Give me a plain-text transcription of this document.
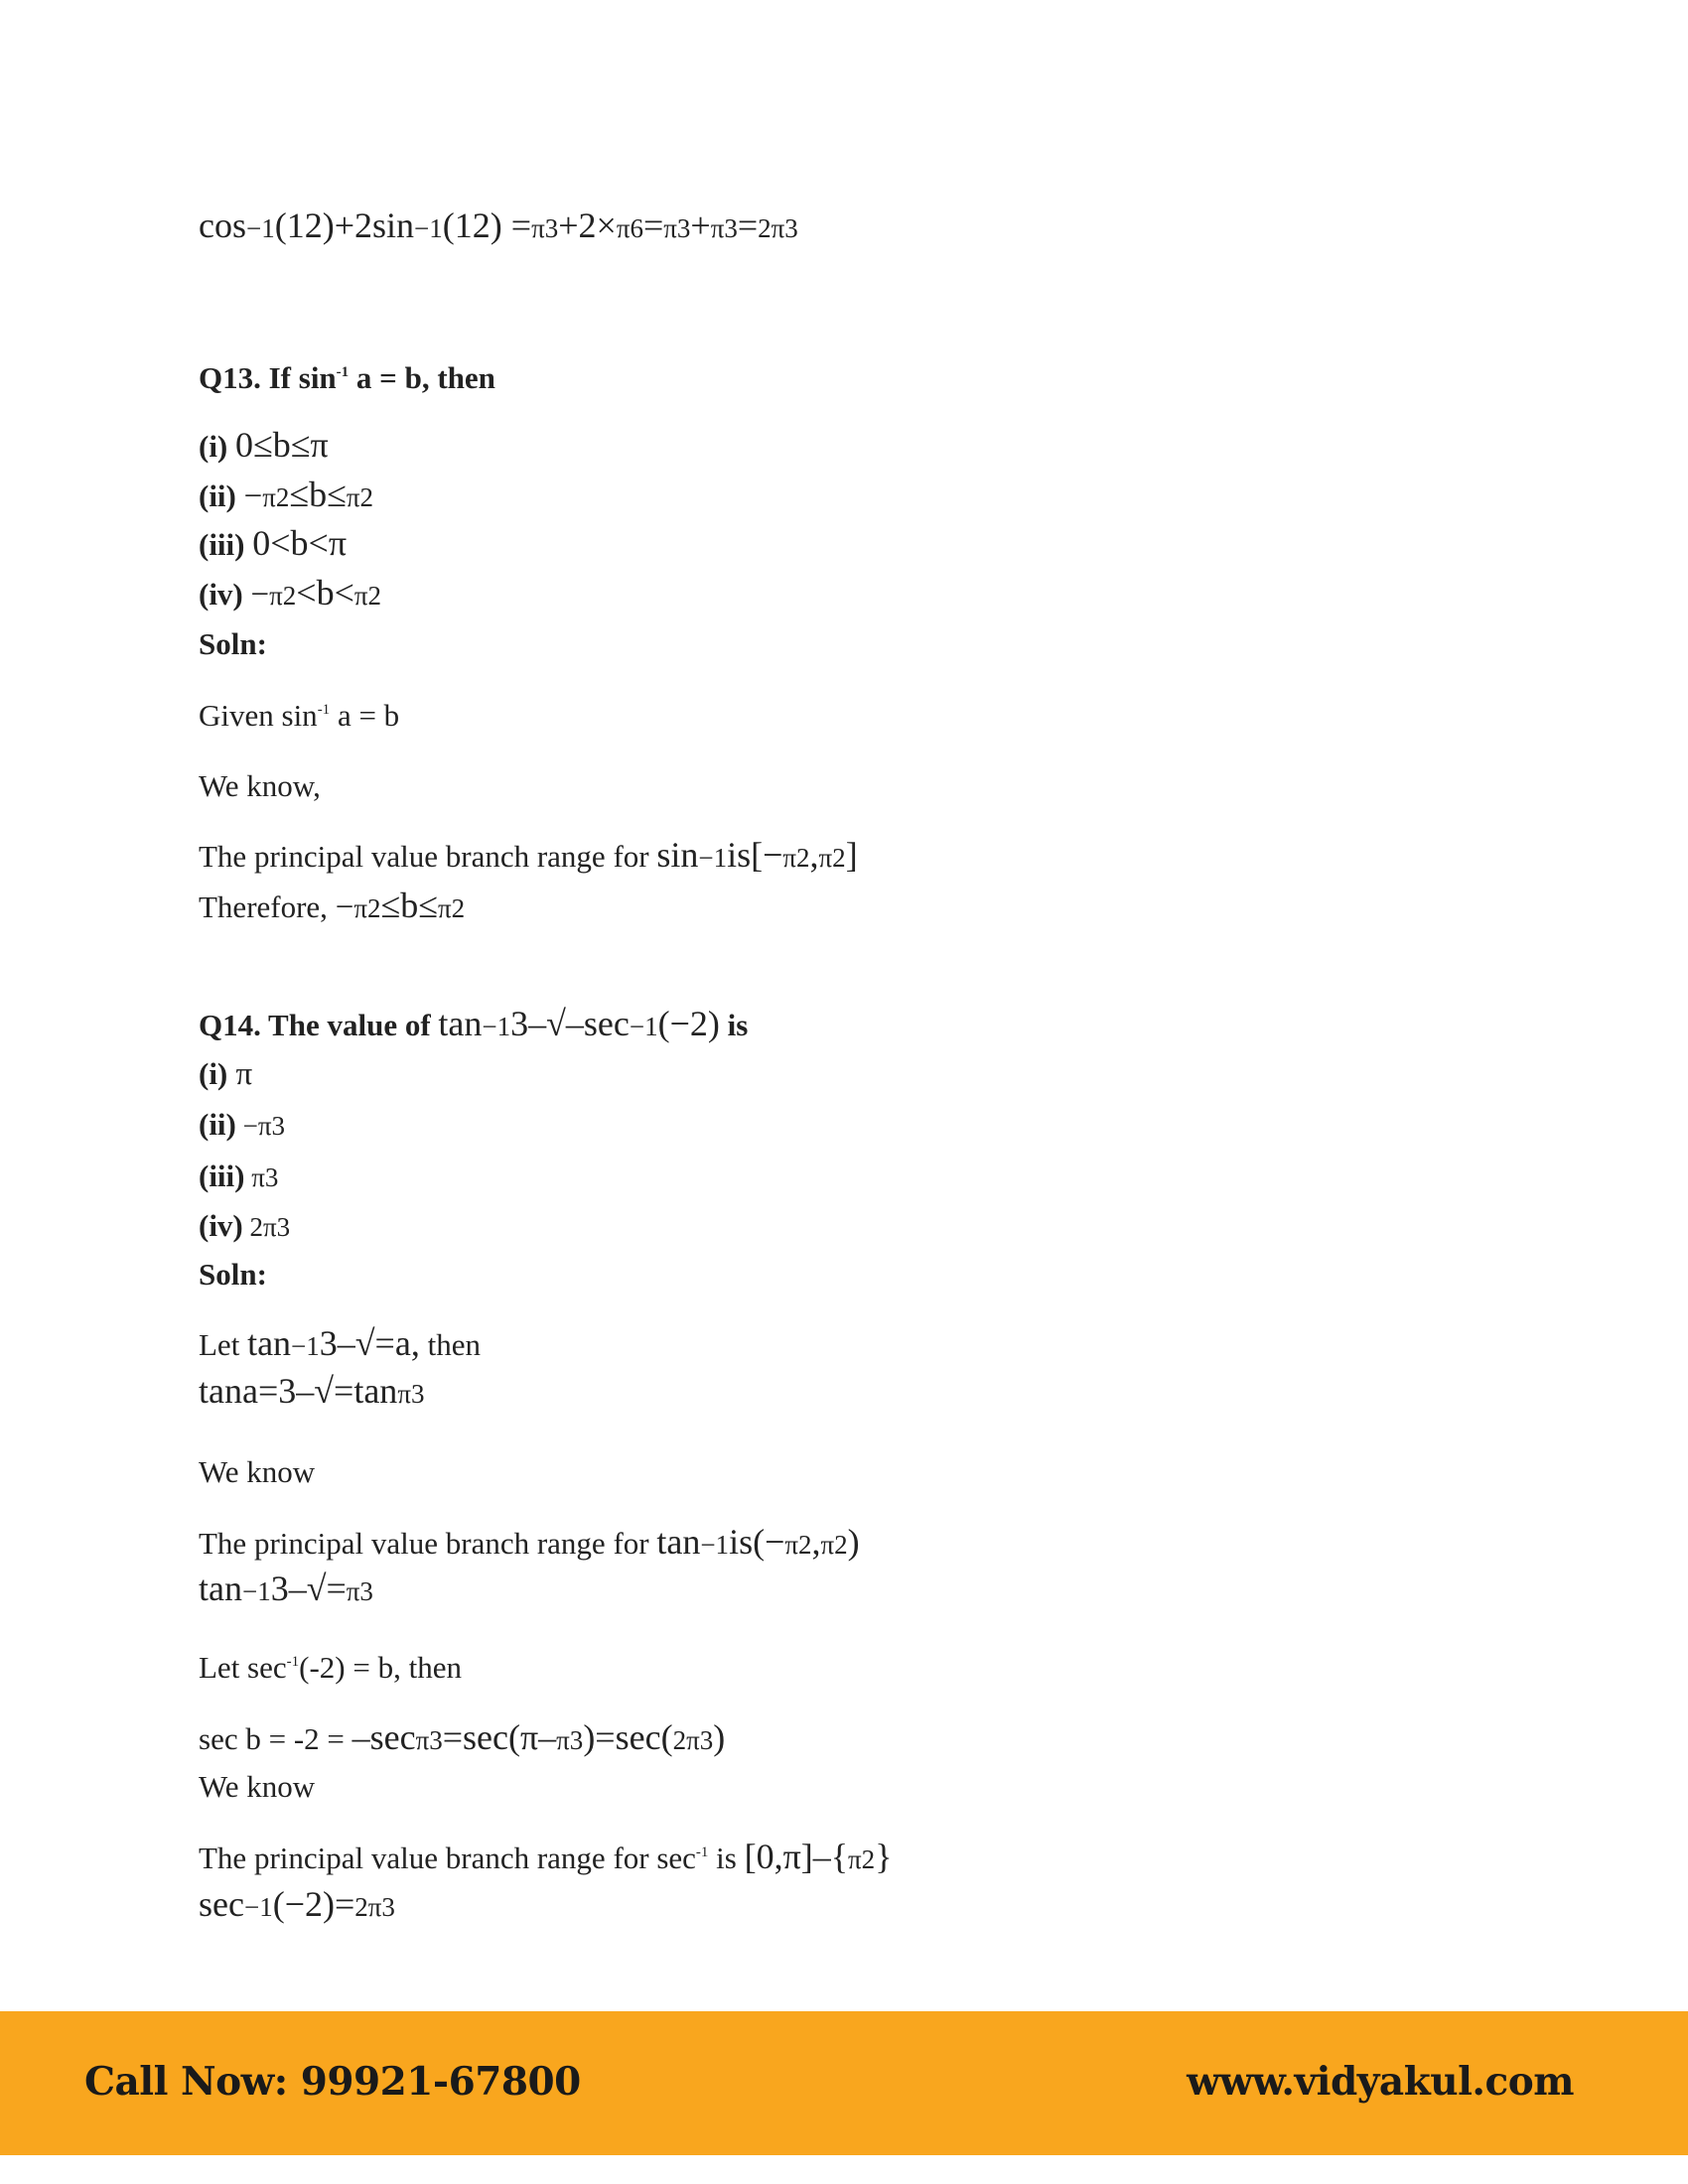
cos−1(12)+2sin−1(12) =π3+2×π6=π3+π3=2π3
Q13. If $\sin^{-1} a = b$, then
(i) 0≤b≤π
(ii) −π2≤b≤π2
(iii) 0<b<π
(iv) −π2<b<π2
Soln:
Given $\sin^{-1} a = b$
We know,
The principal value branch range for sin−1is[−π2,π2]
Therefore, −π2≤b≤π2
Q14. The value of tan−13–√–sec−1(−2) is
(i) π
(ii) −π3
(iii) π3
(iv) 2π3
Soln:
Let tan−13–√=a, then
tana=3–√=tanπ3
We know
The principal value branch range for tan−1is(−π2,π2)
tan−13–√=π3
Let $\sec^{-1}(-2) = b$, then
sec b = -2 = –secπ3=sec(π–π3)=sec(2π3)
We know
The principal value branch range for $\sec^{-1}$ is [0,π]–{π2}
sec−1(−2)=2π3
Call Now: 99921-67800	www.vidyakul.com
